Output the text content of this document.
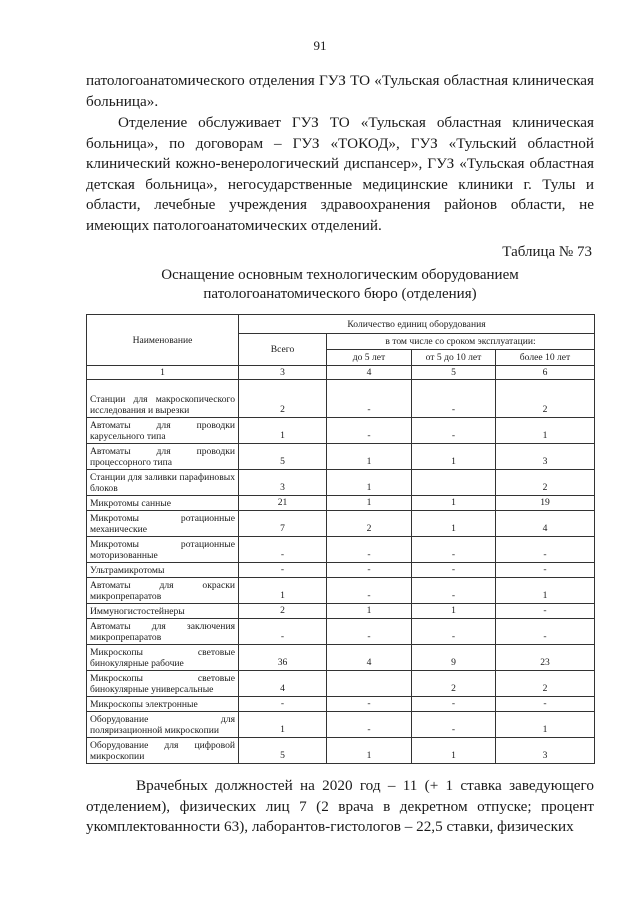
91

патологоанатомического отделения ГУЗ ТО «Тульская областная клиническая больница».

Отделение обслуживает ГУЗ ТО «Тульская областная клиническая больница», по договорам – ГУЗ «ТОКОД», ГУЗ «Тульский областной клинический кожно-венерологический диспансер», ГУЗ «Тульская областная детская больница», негосударственные медицинские клиники г. Тулы и области, лечебные учреждения здравоохранения районов области, не имеющих патологоанатомических отделений.

Таблица № 73
Оснащение основным технологическим оборудованием
патологоанатомического бюро (отделения)
Наименование	Количество единиц оборудования			
	Всего	в том числе со сроком эксплуатации:		
		до 5 лет	от 5 до 10 лет	более 10 лет
1	3	4	5	6
Станции для макроскопического исследования и вырезки	2	-	-	2
Автоматы для проводки карусельного типа	1	-	-	1
Автоматы для проводки процессорного типа	5	1	1	3
Станции для заливки парафиновых блоков	3	1		2
Микротомы санные	21	1	1	19
Микротомы ротационные механические	7	2	1	4
Микротомы ротационные моторизованные	-	-	-	-
Ультрамикротомы	-	-	-	-
Автоматы для окраски микропрепаратов	1	-	-	1
Иммуногистостейнеры	2	1	1	-
Автоматы для заключения микропрепаратов	-	-	-	-
Микроскопы световые бинокулярные рабочие	36	4	9	23
Микроскопы световые бинокулярные универсальные	4		2	2
Микроскопы электронные	-	-	-	-
Оборудование для поляризационной микроскопии	1	-	-	1
Оборудование для цифровой микроскопии	5	1	1	3

Врачебных должностей на 2020 год – 11 (+ 1 ставка заведующего отделением), физических лиц 7 (2 врача в декретном отпуске; процент укомплектованности 63), лаборантов-гистологов – 22,5 ставки, физических
